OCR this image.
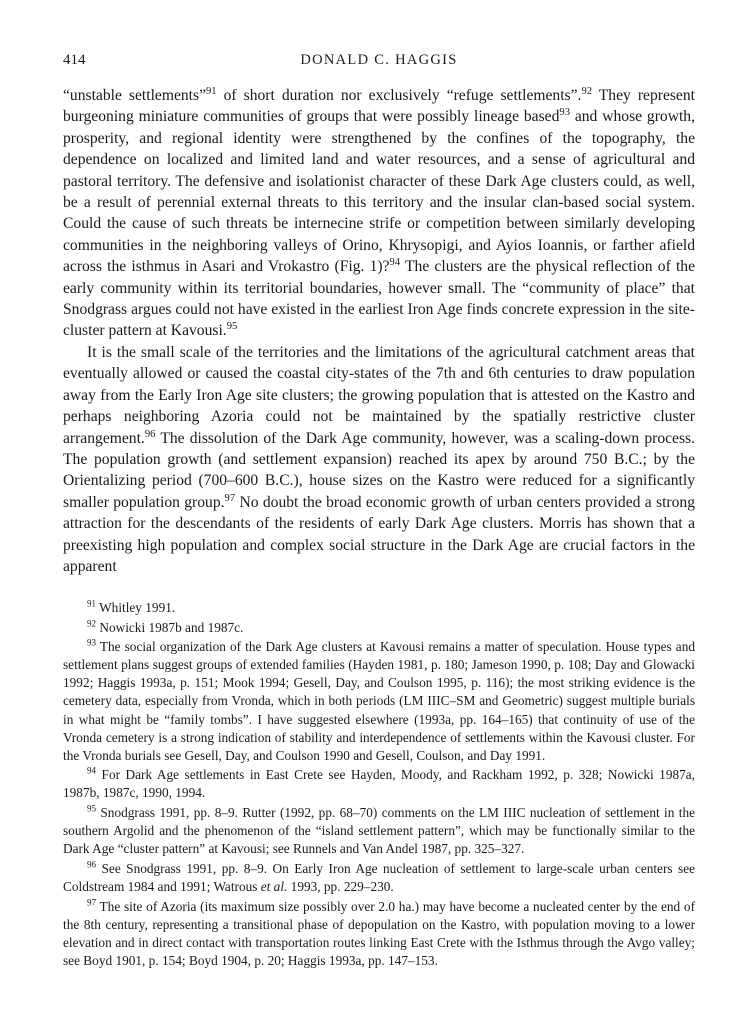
414	DONALD C. HAGGIS

“unstable settlements”$^{91}$ of short duration nor exclusively “refuge settlements”.$^{92}$ They represent burgeoning miniature communities of groups that were possibly lineage based$^{93}$ and whose growth, prosperity, and regional identity were strengthened by the confines of the topography, the dependence on localized and limited land and water resources, and a sense of agricultural and pastoral territory. The defensive and isolationist character of these Dark Age clusters could, as well, be a result of perennial external threats to this territory and the insular clan-based social system. Could the cause of such threats be internecine strife or competition between similarly developing communities in the neighboring valleys of Orino, Khrysopigi, and Ayios Ioannis, or farther afield across the isthmus in Asari and Vrokastro (Fig. 1)?$^{94}$ The clusters are the physical reflection of the early community within its territorial boundaries, however small. The “community of place” that Snodgrass argues could not have existed in the earliest Iron Age finds concrete expression in the site-cluster pattern at Kavousi.$^{95}$

It is the small scale of the territories and the limitations of the agricultural catchment areas that eventually allowed or caused the coastal city-states of the 7th and 6th centuries to draw population away from the Early Iron Age site clusters; the growing population that is attested on the Kastro and perhaps neighboring Azoria could not be maintained by the spatially restrictive cluster arrangement.$^{96}$ The dissolution of the Dark Age community, however, was a scaling-down process. The population growth (and settlement expansion) reached its apex by around 750 B.C.; by the Orientalizing period (700–600 B.C.), house sizes on the Kastro were reduced for a significantly smaller population group.$^{97}$ No doubt the broad economic growth of urban centers provided a strong attraction for the descendants of the residents of early Dark Age clusters. Morris has shown that a preexisting high population and complex social structure in the Dark Age are crucial factors in the apparent

$^{91}$ Whitley 1991.

$^{92}$ Nowicki 1987b and 1987c.

$^{93}$ The social organization of the Dark Age clusters at Kavousi remains a matter of speculation. House types and settlement plans suggest groups of extended families (Hayden 1981, p. 180; Jameson 1990, p. 108; Day and Glowacki 1992; Haggis 1993a, p. 151; Mook 1994; Gesell, Day, and Coulson 1995, p. 116); the most striking evidence is the cemetery data, especially from Vronda, which in both periods (LM IIIC–SM and Geometric) suggest multiple burials in what might be “family tombs”. I have suggested elsewhere (1993a, pp. 164–165) that continuity of use of the Vronda cemetery is a strong indication of stability and interdependence of settlements within the Kavousi cluster. For the Vronda burials see Gesell, Day, and Coulson 1990 and Gesell, Coulson, and Day 1991.

$^{94}$ For Dark Age settlements in East Crete see Hayden, Moody, and Rackham 1992, p. 328; Nowicki 1987a, 1987b, 1987c, 1990, 1994.

$^{95}$ Snodgrass 1991, pp. 8–9. Rutter (1992, pp. 68–70) comments on the LM IIIC nucleation of settlement in the southern Argolid and the phenomenon of the “island settlement pattern”, which may be functionally similar to the Dark Age “cluster pattern” at Kavousi; see Runnels and Van Andel 1987, pp. 325–327.

$^{96}$ See Snodgrass 1991, pp. 8–9. On Early Iron Age nucleation of settlement to large-scale urban centers see Coldstream 1984 and 1991; Watrous et al. 1993, pp. 229–230.

$^{97}$ The site of Azoria (its maximum size possibly over 2.0 ha.) may have become a nucleated center by the end of the 8th century, representing a transitional phase of depopulation on the Kastro, with population moving to a lower elevation and in direct contact with transportation routes linking East Crete with the Isthmus through the Avgo valley; see Boyd 1901, p. 154; Boyd 1904, p. 20; Haggis 1993a, pp. 147–153.
